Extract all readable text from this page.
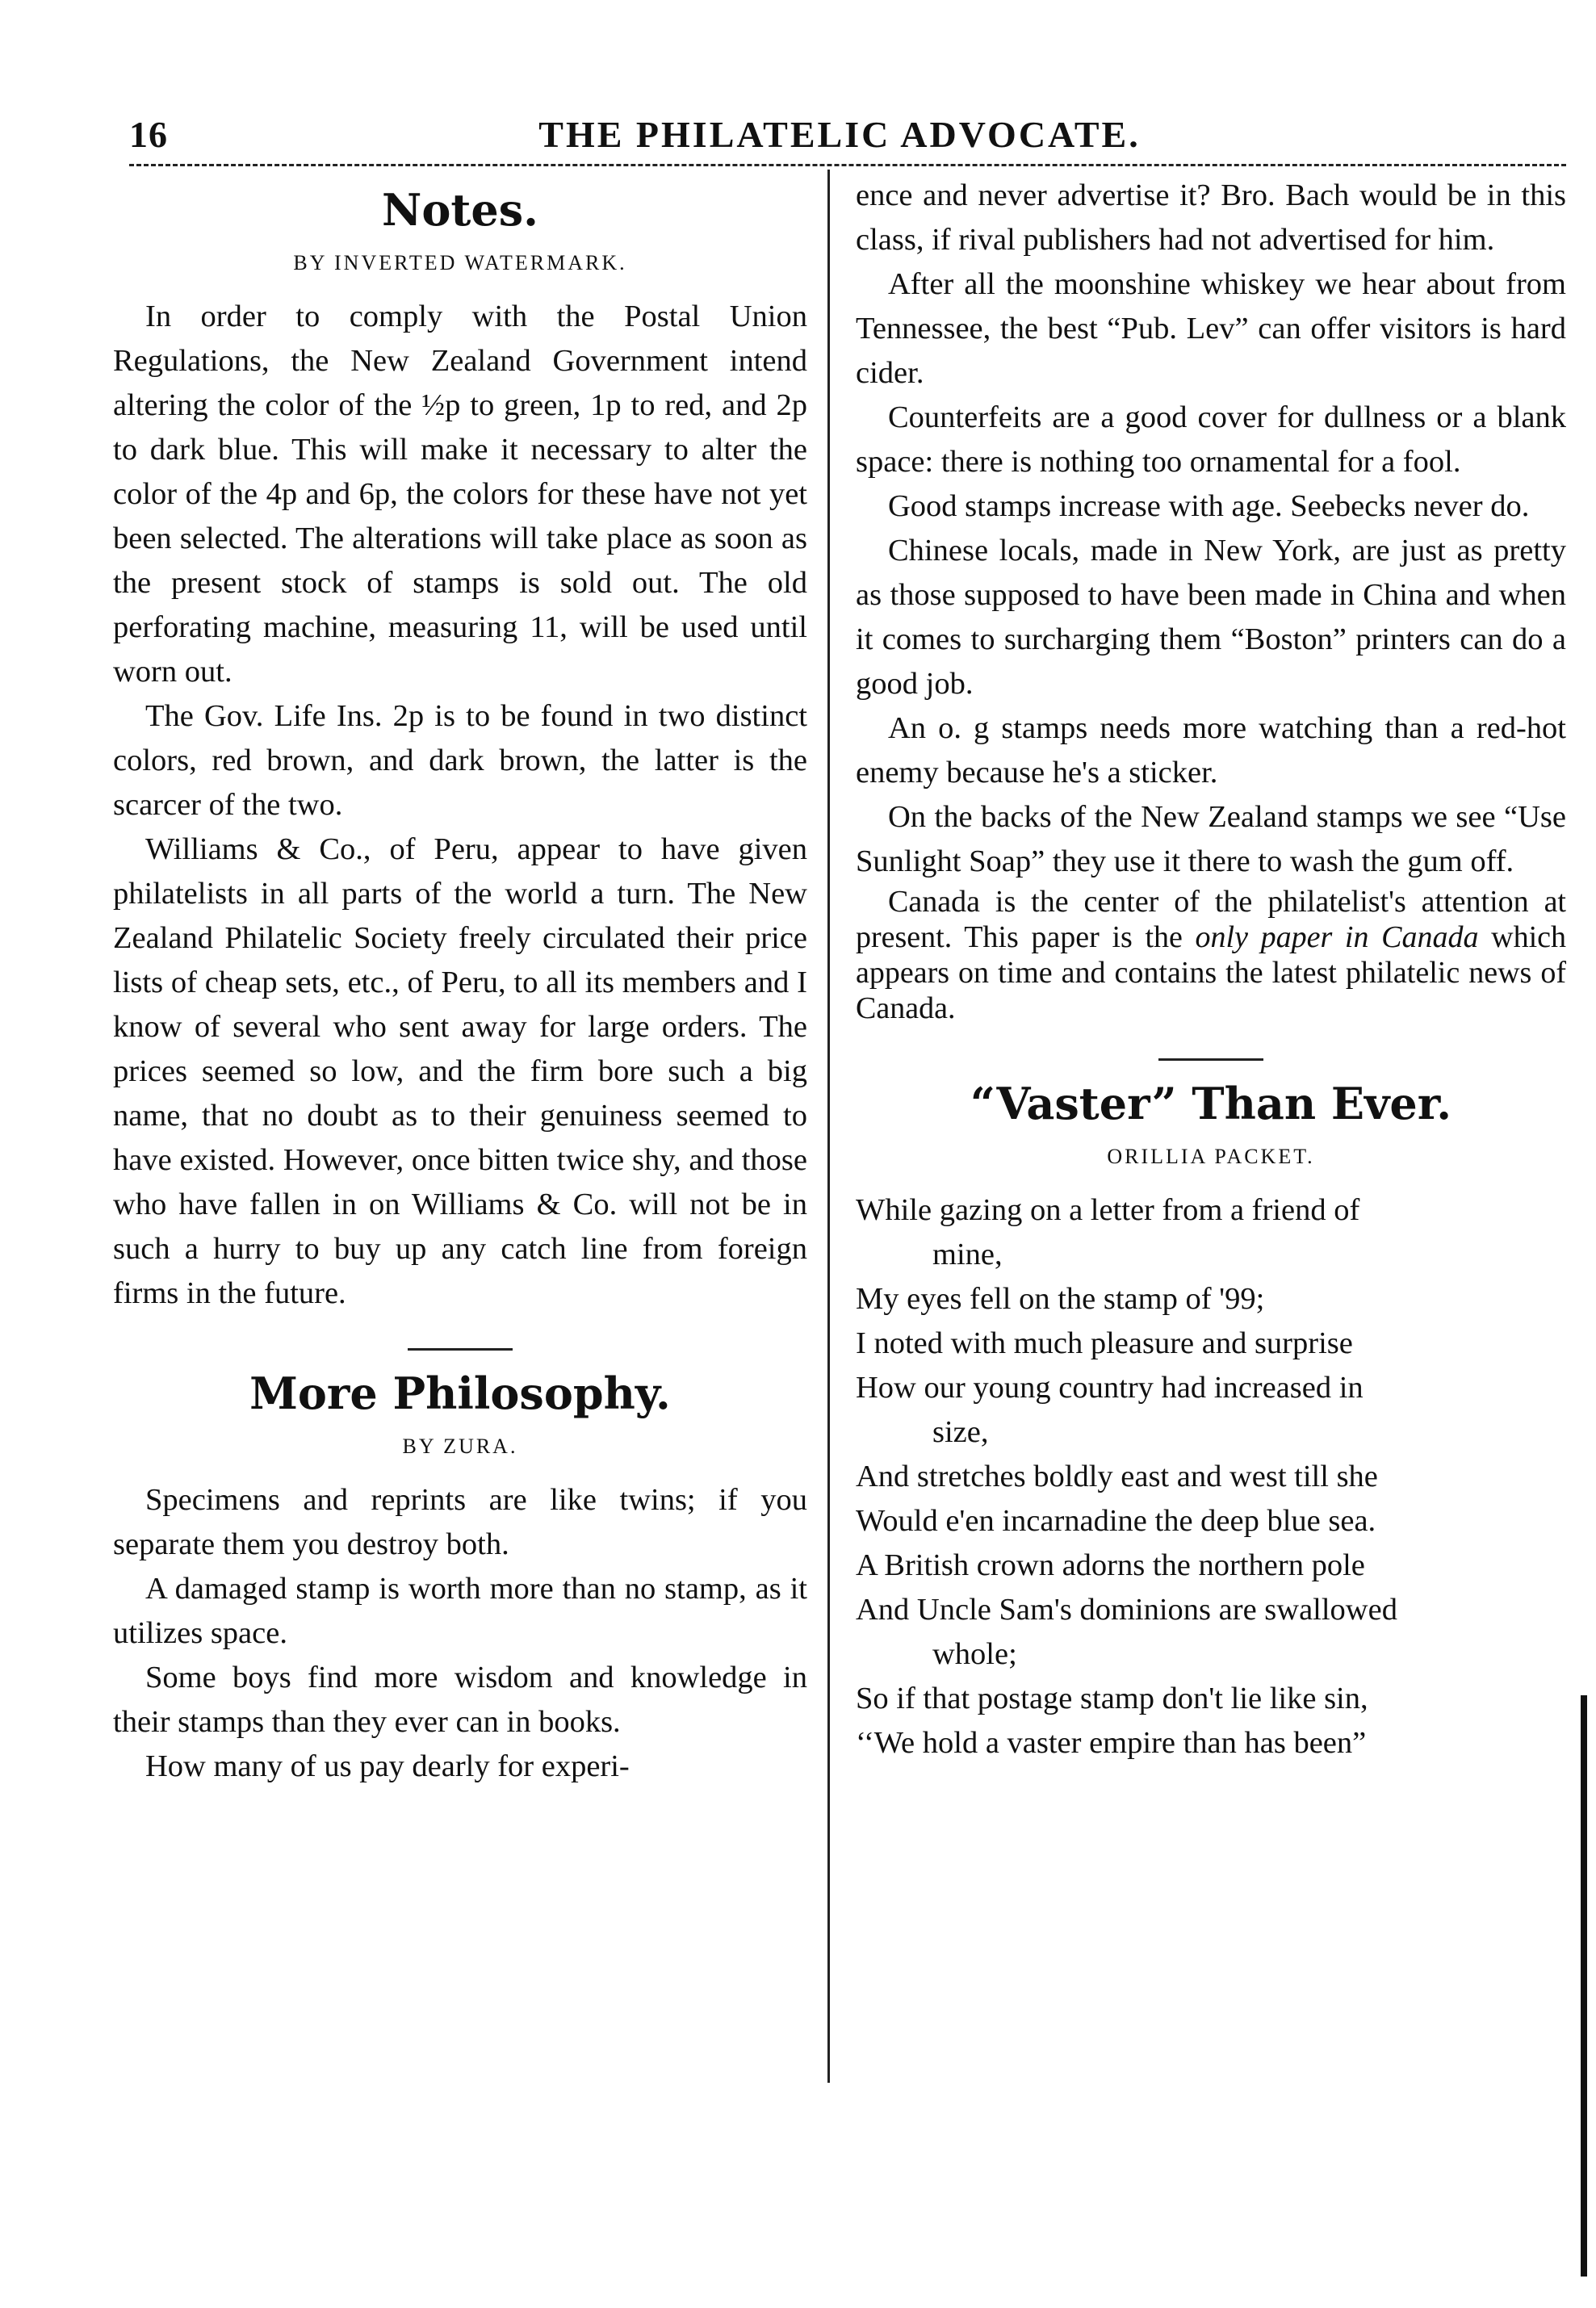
16	THE PHILATELIC ADVOCATE.
Notes.
BY INVERTED WATERMARK.

In order to comply with the Postal Union Regulations, the New Zealand Government intend altering the color of the ½p to green, 1p to red, and 2p to dark blue. This will make it necessary to alter the color of the 4p and 6p, the colors for these have not yet been selected. The alterations will take place as soon as the present stock of stamps is sold out. The old perforating machine, measuring 11, will be used until worn out.

The Gov. Life Ins. 2p is to be found in two distinct colors, red brown, and dark brown, the latter is the scarcer of the two.

Williams & Co., of Peru, appear to have given philatelists in all parts of the world a turn. The New Zealand Philatelic Society freely circulated their price lists of cheap sets, etc., of Peru, to all its members and I know of several who sent away for large orders. The prices seemed so low, and the firm bore such a big name, that no doubt as to their genuiness seemed to have existed. However, once bitten twice shy, and those who have fallen in on Williams & Co. will not be in such a hurry to buy up any catch line from foreign firms in the future.

More Philosophy.
BY ZURA.

Specimens and reprints are like twins; if you separate them you destroy both.

A damaged stamp is worth more than no stamp, as it utilizes space.

Some boys find more wisdom and knowledge in their stamps than they ever can in books.

How many of us pay dearly for experi-

ence and never advertise it? Bro. Bach would be in this class, if rival publishers had not advertised for him.

After all the moonshine whiskey we hear about from Tennessee, the best “Pub. Lev” can offer visitors is hard cider.

Counterfeits are a good cover for dullness or a blank space: there is nothing too ornamental for a fool.

Good stamps increase with age. Seebecks never do.

Chinese locals, made in New York, are just as pretty as those supposed to have been made in China and when it comes to surcharging them “Boston” printers can do a good job.

An o. g stamps needs more watching than a red-hot enemy because he's a sticker.

On the backs of the New Zealand stamps we see “Use Sunlight Soap” they use it there to wash the gum off.

Canada is the center of the philatelist's attention at present. This paper is the only paper in Canada which appears on time and contains the latest philatelic news of Canada.

“Vaster” Than Ever.
ORILLIA PACKET.
While gazing on a letter from a friend of
mine,
My eyes fell on the stamp of '99;
I noted with much pleasure and surprise
How our young country had increased in
size,
And stretches boldly east and west till she
Would e'en incarnadine the deep blue sea.
A British crown adorns the northern pole
And Uncle Sam's dominions are swallowed
whole;
So if that postage stamp don't lie like sin,
‘‘We hold a vaster empire than has been”
